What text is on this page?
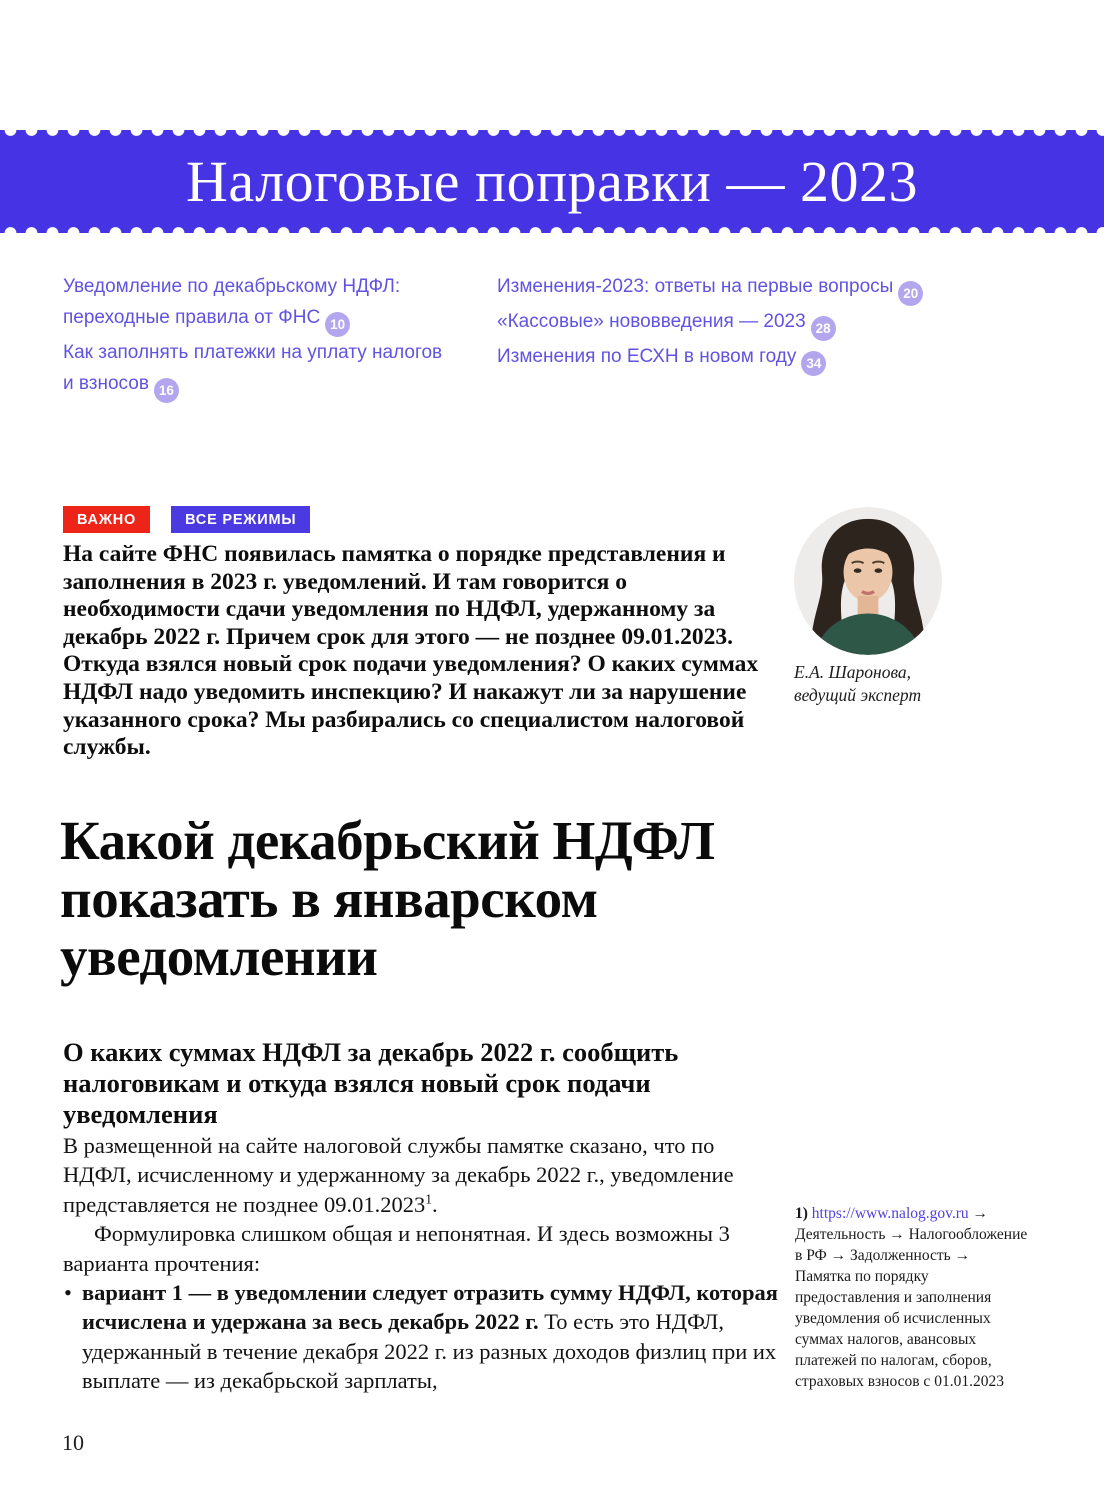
Налоговые поправки — 2023
Уведомление по декабрьскому НДФЛ: переходные правила от ФНС 10
Как заполнять платежки на уплату налогов и взносов 16
Изменения-2023: ответы на первые вопросы 20
«Кассовые» нововведения — 2023 28
Изменения по ЕСХН в новом году 34
ВАЖНО	ВСЕ РЕЖИМЫ
На сайте ФНС появилась памятка о порядке представления и заполнения в 2023 г. уведомлений. И там говорится о необходимости сдачи уведомления по НДФЛ, удержанному за декабрь 2022 г. Причем срок для этого — не позднее 09.01.2023. Откуда взялся новый срок подачи уведомления? О каких суммах НДФЛ надо уведомить инспекцию? И накажут ли за нарушение указанного срока? Мы разбирались со специалистом налоговой службы.
Е.А. Шаронова,
ведущий эксперт
Какой декабрьский НДФЛ показать в январском уведомлении
О каких суммах НДФЛ за декабрь 2022 г. сообщить налоговикам и откуда взялся новый срок подачи уведомления

В размещенной на сайте налоговой службы памятке сказано, что по НДФЛ, исчисленному и удержанному за декабрь 2022 г., уведомление представляется не позднее 09.01.2023$^1$.

Формулировка слишком общая и непонятная. И здесь возможны 3 варианта прочтения:

• вариант 1 — в уведомлении следует отразить сумму НДФЛ, которая исчислена и удержана за весь декабрь 2022 г. То есть это НДФЛ, удержанный в течение декабря 2022 г. из разных доходов физлиц при их выплате — из декабрьской зарплаты,
1) https://www.nalog.gov.ru → Деятельность → Налогообложение в РФ → Задолженность → Памятка по порядку предоставления и заполнения уведомления об исчисленных суммах налогов, авансовых платежей по налогам, сборов, страховых взносов с 01.01.2023
10
